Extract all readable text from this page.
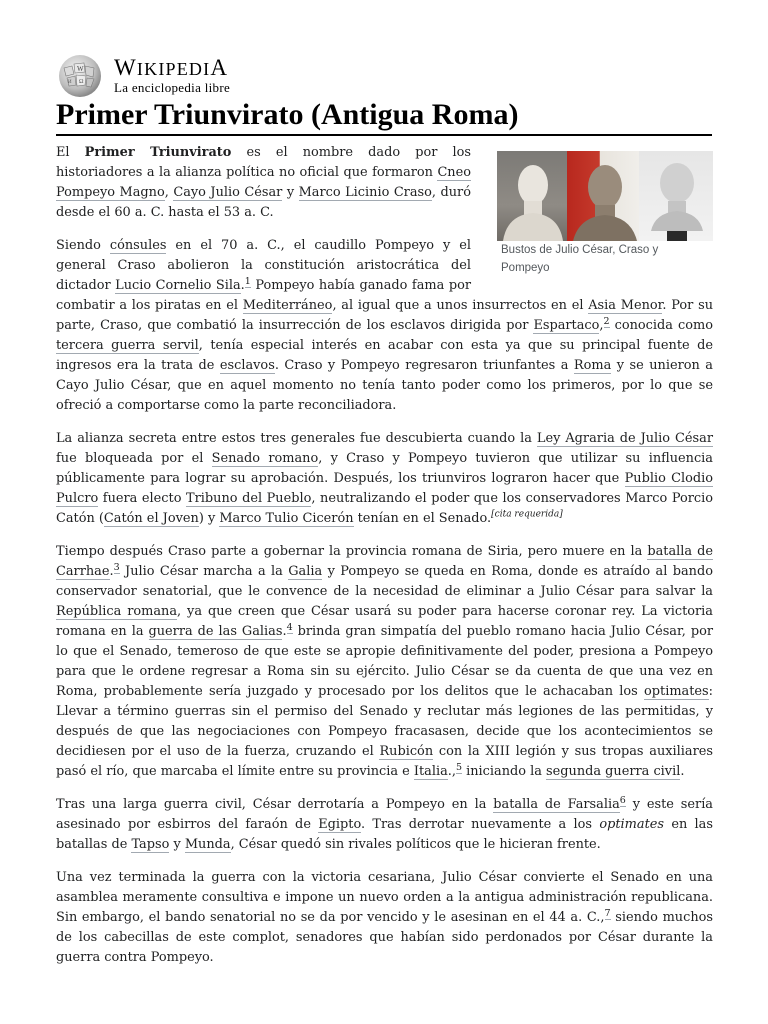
W
Ω
И
WIKIPEDIA
La enciclopedia libre
Primer Triunvirato (Antigua Roma)

Bustos de Julio César, Craso y Pompeyo
El Primer Triunvirato es el nombre dado por los historiadores a la alianza política no oficial que formaron Cneo Pompeyo Magno, Cayo Julio César y Marco Licinio Craso, duró desde el 60 a. C. hasta el 53 a. C.

Siendo cónsules en el 70 a. C., el caudillo Pompeyo y el general Craso abolieron la constitución aristocrática del dictador Lucio Cornelio Sila.$^1$ Pompeyo había ganado fama por combatir a los piratas en el Mediterráneo, al igual que a unos insurrectos en el Asia Menor. Por su parte, Craso, que combatió la insurrección de los esclavos dirigida por Espartaco,$^2$ conocida como tercera guerra servil, tenía especial interés en acabar con esta ya que su principal fuente de ingresos era la trata de esclavos. Craso y Pompeyo regresaron triunfantes a Roma y se unieron a Cayo Julio César, que en aquel momento no tenía tanto poder como los primeros, por lo que se ofreció a comportarse como la parte reconciliadora.

La alianza secreta entre estos tres generales fue descubierta cuando la Ley Agraria de Julio César fue bloqueada por el Senado romano, y Craso y Pompeyo tuvieron que utilizar su influencia públicamente para lograr su aprobación. Después, los triunviros lograron hacer que Publio Clodio Pulcro fuera electo Tribuno del Pueblo, neutralizando el poder que los conservadores Marco Porcio Catón (Catón el Joven) y Marco Tulio Cicerón tenían en el Senado.[cita requerida]

Tiempo después Craso parte a gobernar la provincia romana de Siria, pero muere en la batalla de Carrhae.$^3$ Julio César marcha a la Galia y Pompeyo se queda en Roma, donde es atraído al bando conservador senatorial, que le convence de la necesidad de eliminar a Julio César para salvar la República romana, ya que creen que César usará su poder para hacerse coronar rey. La victoria romana en la guerra de las Galias.$^4$ brinda gran simpatía del pueblo romano hacia Julio César, por lo que el Senado, temeroso de que este se apropie definitivamente del poder, presiona a Pompeyo para que le ordene regresar a Roma sin su ejército. Julio César se da cuenta de que una vez en Roma, probablemente sería juzgado y procesado por los delitos que le achacaban los optimates: Llevar a término guerras sin el permiso del Senado y reclutar más legiones de las permitidas, y después de que las negociaciones con Pompeyo fracasasen, decide que los acontecimientos se decidiesen por el uso de la fuerza, cruzando el Rubicón con la XIII legión y sus tropas auxiliares pasó el río, que marcaba el límite entre su provincia e Italia.,$^5$ iniciando la segunda guerra civil.

Tras una larga guerra civil, César derrotaría a Pompeyo en la batalla de Farsalia$^6$ y este sería asesinado por esbirros del faraón de Egipto. Tras derrotar nuevamente a los optimates en las batallas de Tapso y Munda, César quedó sin rivales políticos que le hicieran frente.

Una vez terminada la guerra con la victoria cesariana, Julio César convierte el Senado en una asamblea meramente consultiva e impone un nuevo orden a la antigua administración republicana. Sin embargo, el bando senatorial no se da por vencido y le asesinan en el 44 a. C.,$^7$ siendo muchos de los cabecillas de este complot, senadores que habían sido perdonados por César durante la guerra contra Pompeyo.
